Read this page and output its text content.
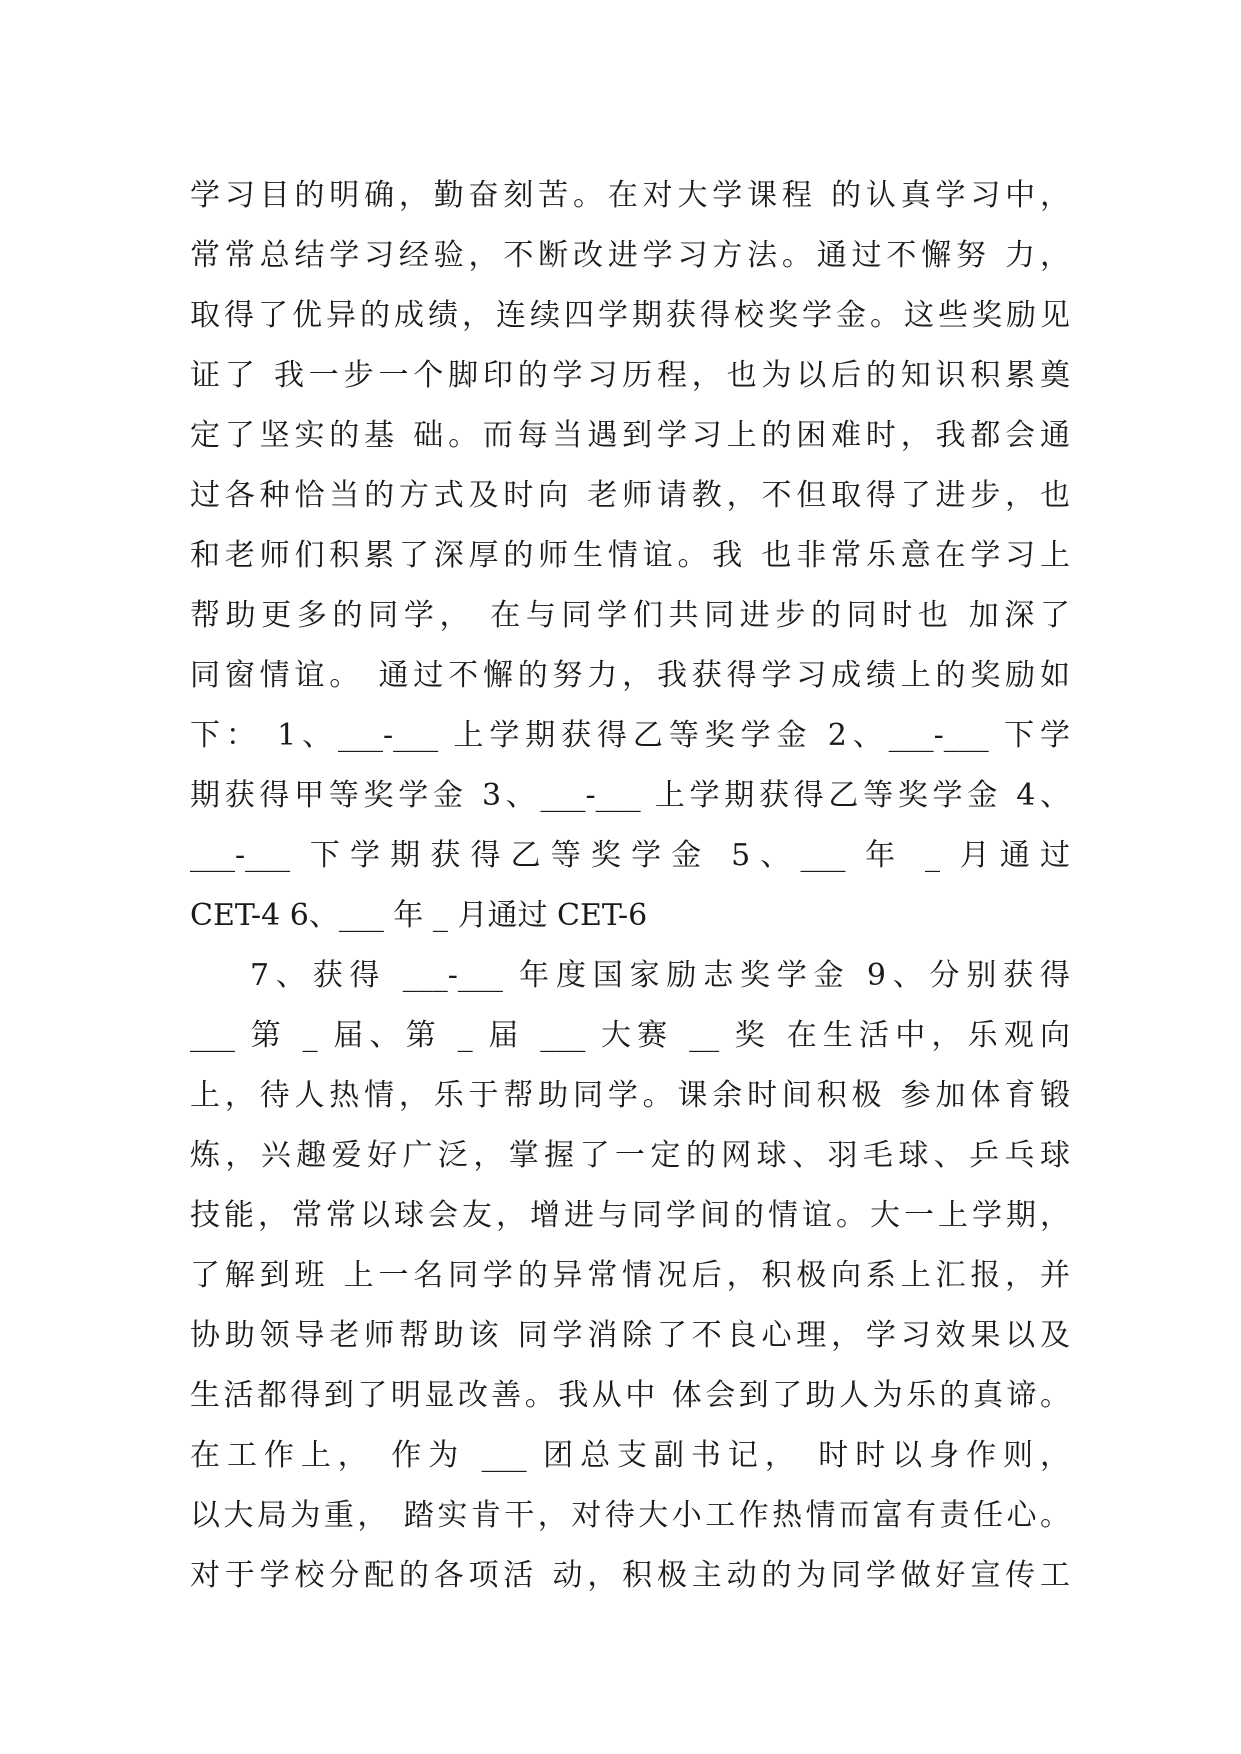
学习目的明确，勤奋刻苦。在对大学课程 的认真学习中，
常常总结学习经验，不断改进学习方法。通过不懈努 力，
取得了优异的成绩，连续四学期获得校奖学金。这些奖励见
证了 我一步一个脚印的学习历程，也为以后的知识积累奠
定了坚实的基 础。而每当遇到学习上的困难时，我都会通
过各种恰当的方式及时向 老师请教，不但取得了进步，也
和老师们积累了深厚的师生情谊。我 也非常乐意在学习上
帮助更多的同学， 在与同学们共同进步的同时也 加深了
同窗情谊。 通过不懈的努力，我获得学习成绩上的奖励如
下： 1、___-___ 上学期获得乙等奖学金 2、___-___ 下学
期获得甲等奖学金 3、___-___ 上学期获得乙等奖学金 4、
___-___ 下学期获得乙等奖学金 5、___ 年 _ 月通过
CET-4 6、___ 年 _ 月通过 CET-6
7、获得 ___-___ 年度国家励志奖学金 9、分别获得
___ 第 _ 届、第 _ 届 ___ 大赛 __ 奖 在生活中，乐观向
上，待人热情，乐于帮助同学。课余时间积极 参加体育锻
炼，兴趣爱好广泛，掌握了一定的网球、羽毛球、乒乓球
技能，常常以球会友，增进与同学间的情谊。大一上学期，
了解到班 上一名同学的异常情况后，积极向系上汇报，并
协助领导老师帮助该 同学消除了不良心理，学习效果以及
生活都得到了明显改善。我从中 体会到了助人为乐的真谛。
在工作上， 作为 ___ 团总支副书记， 时时以身作则，
以大局为重， 踏实肯干，对待大小工作热情而富有责任心。
对于学校分配的各项活 动，积极主动的为同学做好宣传工
